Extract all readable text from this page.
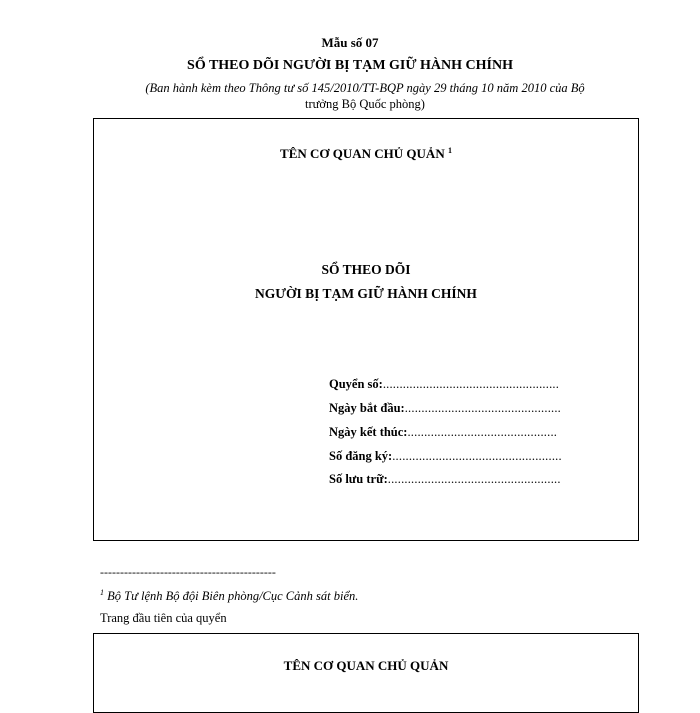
Mẫu số 07
SỔ THEO DÕI NGƯỜI BỊ TẠM GIỮ HÀNH CHÍNH
(Ban hành kèm theo Thông tư số 145/2010/TT-BQP ngày 29 tháng 10 năm 2010 của Bộ
trưởng Bộ Quốc phòng)
TÊN CƠ QUAN CHỦ QUẢN $^1$
SỔ THEO DÕI
NGƯỜI BỊ TẠM GIỮ HÀNH CHÍNH
Quyển số:.....................................................
Ngày bắt đầu:...............................................
Ngày kết thúc:.............................................
Số đăng ký:...................................................
Số lưu trữ:....................................................
--------------------------------------------
$^1$ Bộ Tư lệnh Bộ đội Biên phòng/Cục Cảnh sát biển.
Trang đầu tiên của quyển
TÊN CƠ QUAN CHỦ QUẢN
